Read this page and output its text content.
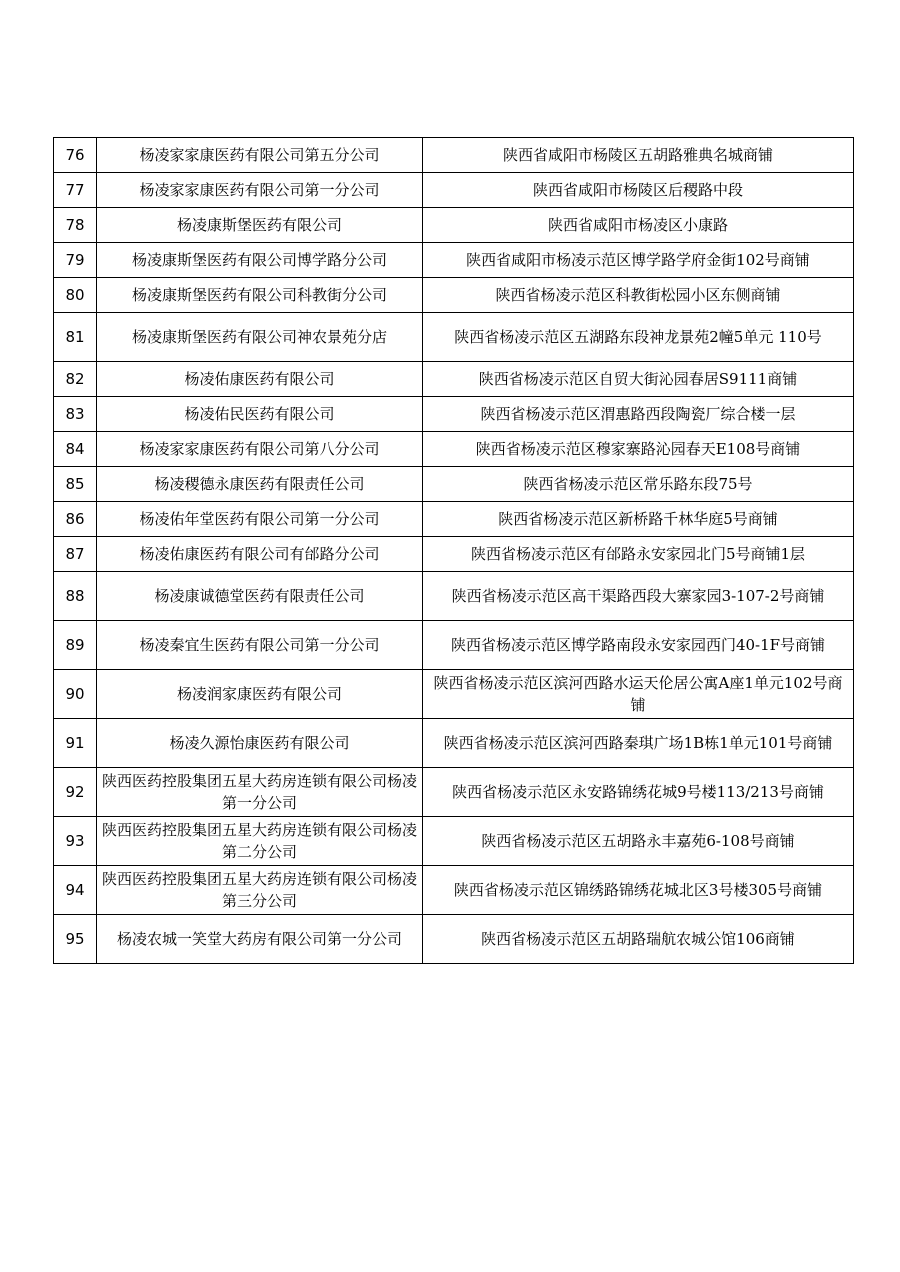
76	杨凌家家康医药有限公司第五分公司	陕西省咸阳市杨陵区五胡路雅典名城商铺
77	杨凌家家康医药有限公司第一分公司	陕西省咸阳市杨陵区后稷路中段
78	杨凌康斯堡医药有限公司	陕西省咸阳市杨凌区小康路
79	杨凌康斯堡医药有限公司博学路分公司	陕西省咸阳市杨凌示范区博学路学府金街102号商铺
80	杨凌康斯堡医药有限公司科教街分公司	陕西省杨凌示范区科教街松园小区东侧商铺
81	杨凌康斯堡医药有限公司神农景苑分店	陕西省杨凌示范区五湖路东段神龙景苑2幢5单元 110号
82	杨凌佑康医药有限公司	陕西省杨凌示范区自贸大街沁园春居S9111商铺
83	杨凌佑民医药有限公司	陕西省杨凌示范区渭惠路西段陶瓷厂综合楼一层
84	杨凌家家康医药有限公司第八分公司	陕西省杨凌示范区穆家寨路沁园春天E108号商铺
85	杨凌稷德永康医药有限责任公司	陕西省杨凌示范区常乐路东段75号
86	杨凌佑年堂医药有限公司第一分公司	陕西省杨凌示范区新桥路千林华庭5号商铺
87	杨凌佑康医药有限公司有邰路分公司	陕西省杨凌示范区有邰路永安家园北门5号商铺1层
88	杨凌康诚德堂医药有限责任公司	陕西省杨凌示范区高干渠路西段大寨家园3-107-2号商铺
89	杨凌秦宜生医药有限公司第一分公司	陕西省杨凌示范区博学路南段永安家园西门40-1F号商铺
90	杨凌润家康医药有限公司	陕西省杨凌示范区滨河西路水运天伦居公寓A座1单元102号商铺
91	杨凌久源怡康医药有限公司	陕西省杨凌示范区滨河西路秦琪广场1B栋1单元101号商铺
92	陕西医药控股集团五星大药房连锁有限公司杨凌第一分公司	陕西省杨凌示范区永安路锦绣花城9号楼113/213号商铺
93	陕西医药控股集团五星大药房连锁有限公司杨凌第二分公司	陕西省杨凌示范区五胡路永丰嘉苑6-108号商铺
94	陕西医药控股集团五星大药房连锁有限公司杨凌第三分公司	陕西省杨凌示范区锦绣路锦绣花城北区3号楼305号商铺
95	杨凌农城一笑堂大药房有限公司第一分公司	陕西省杨凌示范区五胡路瑞航农城公馆106商铺
